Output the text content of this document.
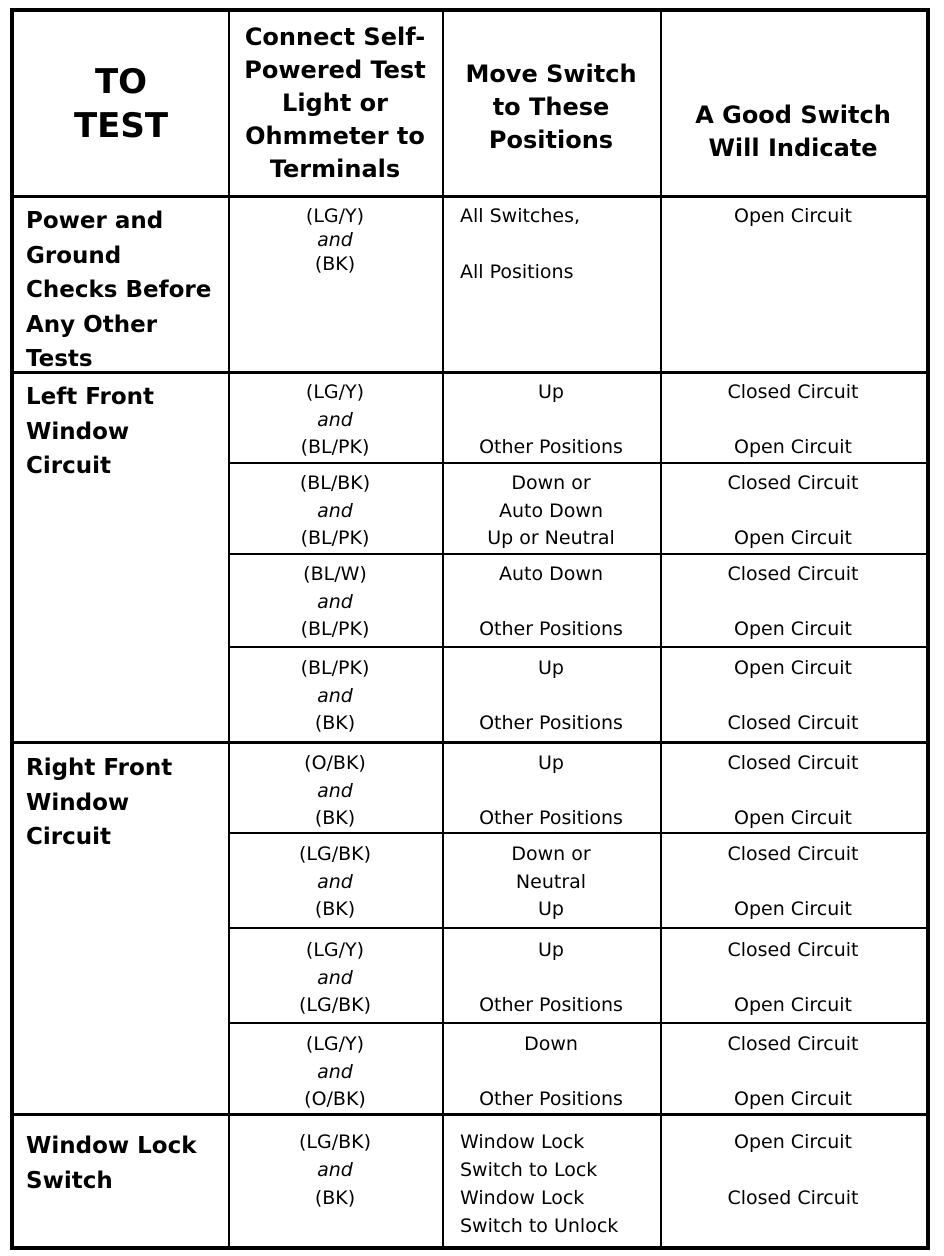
TO
TEST
Connect Self-
Powered Test
Light or
Ohmmeter to
Terminals
Move Switch
to These
Positions
A Good Switch
Will Indicate
Power and
Ground
Checks Before
Any Other
Tests
Left Front
Window
Circuit
Right Front
Window
Circuit
Window Lock
Switch
(LG/Y)
and
(BK)
All Switches,
All Positions
Open Circuit
(LG/Y)
and
(BL/PK)
Up
Other Positions
Closed Circuit
Open Circuit
(BL/BK)
and
(BL/PK)
Down or
Auto Down
Up or Neutral
Closed Circuit
Open Circuit
(BL/W)
and
(BL/PK)
Auto Down
Other Positions
Closed Circuit
Open Circuit
(BL/PK)
and
(BK)
Up
Other Positions
Open Circuit
Closed Circuit
(O/BK)
and
(BK)
Up
Other Positions
Closed Circuit
Open Circuit
(LG/BK)
and
(BK)
Down or
Neutral
Up
Closed Circuit
Open Circuit
(LG/Y)
and
(LG/BK)
Up
Other Positions
Closed Circuit
Open Circuit
(LG/Y)
and
(O/BK)
Down
Other Positions
Closed Circuit
Open Circuit
(LG/BK)
and
(BK)
Window Lock
Switch to Lock
Window Lock
Switch to Unlock
Open Circuit
Closed Circuit
